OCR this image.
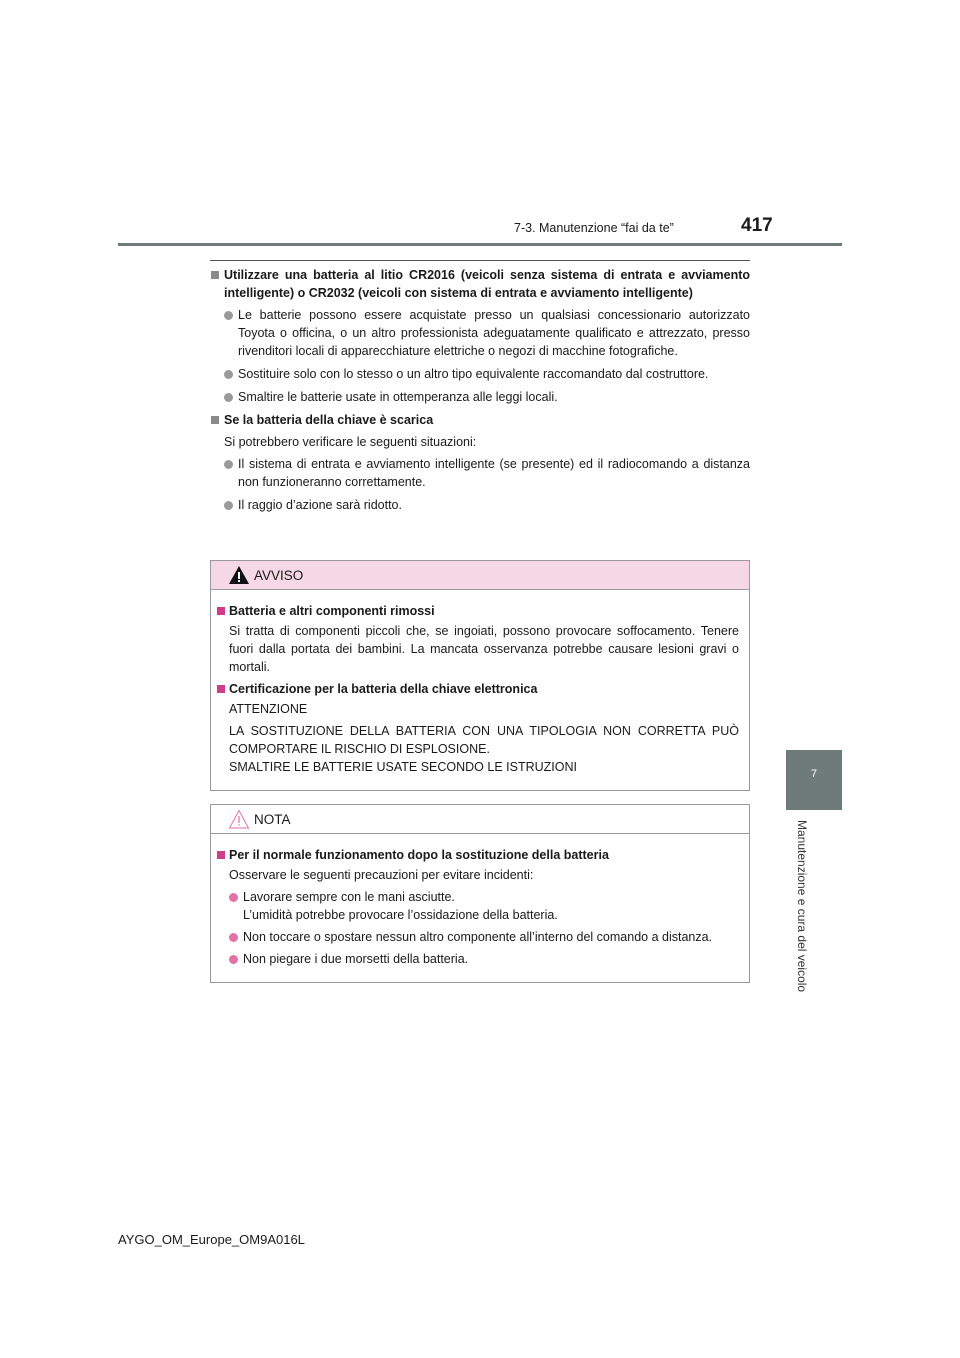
7-3. Manutenzione “fai da te”	417
7
Manutenzione e cura del veicolo
Utilizzare una batteria al litio CR2016 (veicoli senza sistema di entrata e avviamento intelligente) o CR2032 (veicoli con sistema di entrata e avviamento intelligente)
Le batterie possono essere acquistate presso un qualsiasi concessionario autorizzato Toyota o officina, o un altro professionista adeguatamente qualificato e attrezzato, presso rivenditori locali di apparecchiature elettriche o negozi di macchine fotografiche.
Sostituire solo con lo stesso o un altro tipo equivalente raccomandato dal costruttore.
Smaltire le batterie usate in ottemperanza alle leggi locali.
Se la batteria della chiave è scarica
Si potrebbero verificare le seguenti situazioni:
Il sistema di entrata e avviamento intelligente (se presente) ed il radiocomando a distanza non funzioneranno correttamente.
Il raggio d’azione sarà ridotto.
AVVISO
Batteria e altri componenti rimossi
Si tratta di componenti piccoli che, se ingoiati, possono provocare soffocamento. Tenere fuori dalla portata dei bambini. La mancata osservanza potrebbe causare lesioni gravi o mortali.
Certificazione per la batteria della chiave elettronica
ATTENZIONE
LA SOSTITUZIONE DELLA BATTERIA CON UNA TIPOLOGIA NON CORRETTA PUÒ COMPORTARE IL RISCHIO DI ESPLOSIONE.
SMALTIRE LE BATTERIE USATE SECONDO LE ISTRUZIONI
NOTA
Per il normale funzionamento dopo la sostituzione della batteria
Osservare le seguenti precauzioni per evitare incidenti:
Lavorare sempre con le mani asciutte.
L’umidità potrebbe provocare l’ossidazione della batteria.
Non toccare o spostare nessun altro componente all’interno del comando a distanza.
Non piegare i due morsetti della batteria.
AYGO_OM_Europe_OM9A016L
